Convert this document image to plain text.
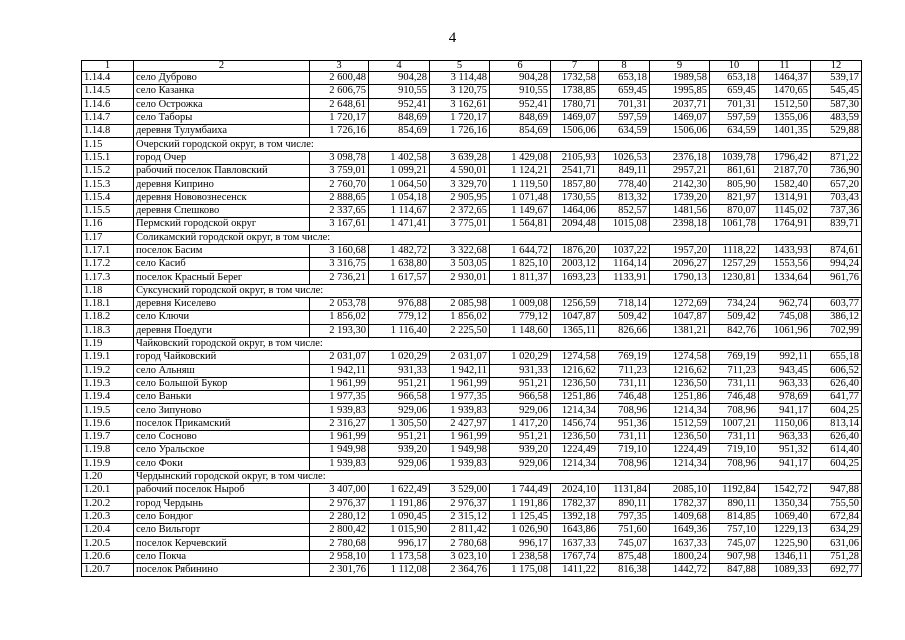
4
1	2	3	4	5	6	7	8	9	10	11	12
1.14.4	село Дуброво	2 600,48	904,28	3 114,48	904,28	1732,58	653,18	1989,58	653,18	1464,37	539,17
1.14.5	село Казанка	2 606,75	910,55	3 120,75	910,55	1738,85	659,45	1995,85	659,45	1470,65	545,45
1.14.6	село Острожка	2 648,61	952,41	3 162,61	952,41	1780,71	701,31	2037,71	701,31	1512,50	587,30
1.14.7	село Таборы	1 720,17	848,69	1 720,17	848,69	1469,07	597,59	1469,07	597,59	1355,06	483,59
1.14.8	деревня Тулумбаиха	1 726,16	854,69	1 726,16	854,69	1506,06	634,59	1506,06	634,59	1401,35	529,88
1.15	Очерский городской округ, в том числе:										
1.15.1	город Очер	3 098,78	1 402,58	3 639,28	1 429,08	2105,93	1026,53	2376,18	1039,78	1796,42	871,22
1.15.2	рабочий поселок Павловский	3 759,01	1 099,21	4 590,01	1 124,21	2541,71	849,11	2957,21	861,61	2187,70	736,90
1.15.3	деревня Киприно	2 760,70	1 064,50	3 329,70	1 119,50	1857,80	778,40	2142,30	805,90	1582,40	657,20
1.15.4	деревня Нововознесенск	2 888,65	1 054,18	2 905,95	1 071,48	1730,55	813,32	1739,20	821,97	1314,91	703,43
1.15.5	деревня Спешково	2 337,65	1 114,67	2 372,65	1 149,67	1464,06	852,57	1481,56	870,07	1145,02	737,36
1.16	Пермский городской округ	3 167,61	1 471,41	3 775,01	1 564,81	2094,48	1015,08	2398,18	1061,78	1764,91	839,71
1.17	Соликамский городской округ, в том числе:										
1.17.1	поселок Басим	3 160,68	1 482,72	3 322,68	1 644,72	1876,20	1037,22	1957,20	1118,22	1433,93	874,61
1.17.2	село Касиб	3 316,75	1 638,80	3 503,05	1 825,10	2003,12	1164,14	2096,27	1257,29	1553,56	994,24
1.17.3	поселок Красный Берег	2 736,21	1 617,57	2 930,01	1 811,37	1693,23	1133,91	1790,13	1230,81	1334,64	961,76
1.18	Суксунский городской округ, в том числе:										
1.18.1	деревня Киселево	2 053,78	976,88	2 085,98	1 009,08	1256,59	718,14	1272,69	734,24	962,74	603,77
1.18.2	село Ключи	1 856,02	779,12	1 856,02	779,12	1047,87	509,42	1047,87	509,42	745,08	386,12
1.18.3	деревня Поедуги	2 193,30	1 116,40	2 225,50	1 148,60	1365,11	826,66	1381,21	842,76	1061,96	702,99
1.19	Чайковский городской округ, в том числе:										
1.19.1	город Чайковский	2 031,07	1 020,29	2 031,07	1 020,29	1274,58	769,19	1274,58	769,19	992,11	655,18
1.19.2	село Альняш	1 942,11	931,33	1 942,11	931,33	1216,62	711,23	1216,62	711,23	943,45	606,52
1.19.3	село Большой Букор	1 961,99	951,21	1 961,99	951,21	1236,50	731,11	1236,50	731,11	963,33	626,40
1.19.4	село Ваньки	1 977,35	966,58	1 977,35	966,58	1251,86	746,48	1251,86	746,48	978,69	641,77
1.19.5	село Зипуново	1 939,83	929,06	1 939,83	929,06	1214,34	708,96	1214,34	708,96	941,17	604,25
1.19.6	поселок Прикамский	2 316,27	1 305,50	2 427,97	1 417,20	1456,74	951,36	1512,59	1007,21	1150,06	813,14
1.19.7	село Сосново	1 961,99	951,21	1 961,99	951,21	1236,50	731,11	1236,50	731,11	963,33	626,40
1.19.8	село Уральское	1 949,98	939,20	1 949,98	939,20	1224,49	719,10	1224,49	719,10	951,32	614,40
1.19.9	село Фоки	1 939,83	929,06	1 939,83	929,06	1214,34	708,96	1214,34	708,96	941,17	604,25
1.20	Чердынский городской округ, в том числе:										
1.20.1	рабочий поселок Ныроб	3 407,00	1 622,49	3 529,00	1 744,49	2024,10	1131,84	2085,10	1192,84	1542,72	947,88
1.20.2	город Чердынь	2 976,37	1 191,86	2 976,37	1 191,86	1782,37	890,11	1782,37	890,11	1350,34	755,50
1.20.3	село Бондюг	2 280,12	1 090,45	2 315,12	1 125,45	1392,18	797,35	1409,68	814,85	1069,40	672,84
1.20.4	село Вильгорт	2 800,42	1 015,90	2 811,42	1 026,90	1643,86	751,60	1649,36	757,10	1229,13	634,29
1.20.5	поселок Керчевский	2 780,68	996,17	2 780,68	996,17	1637,33	745,07	1637,33	745,07	1225,90	631,06
1.20.6	село Покча	2 958,10	1 173,58	3 023,10	1 238,58	1767,74	875,48	1800,24	907,98	1346,11	751,28
1.20.7	поселок Рябинино	2 301,76	1 112,08	2 364,76	1 175,08	1411,22	816,38	1442,72	847,88	1089,33	692,77
